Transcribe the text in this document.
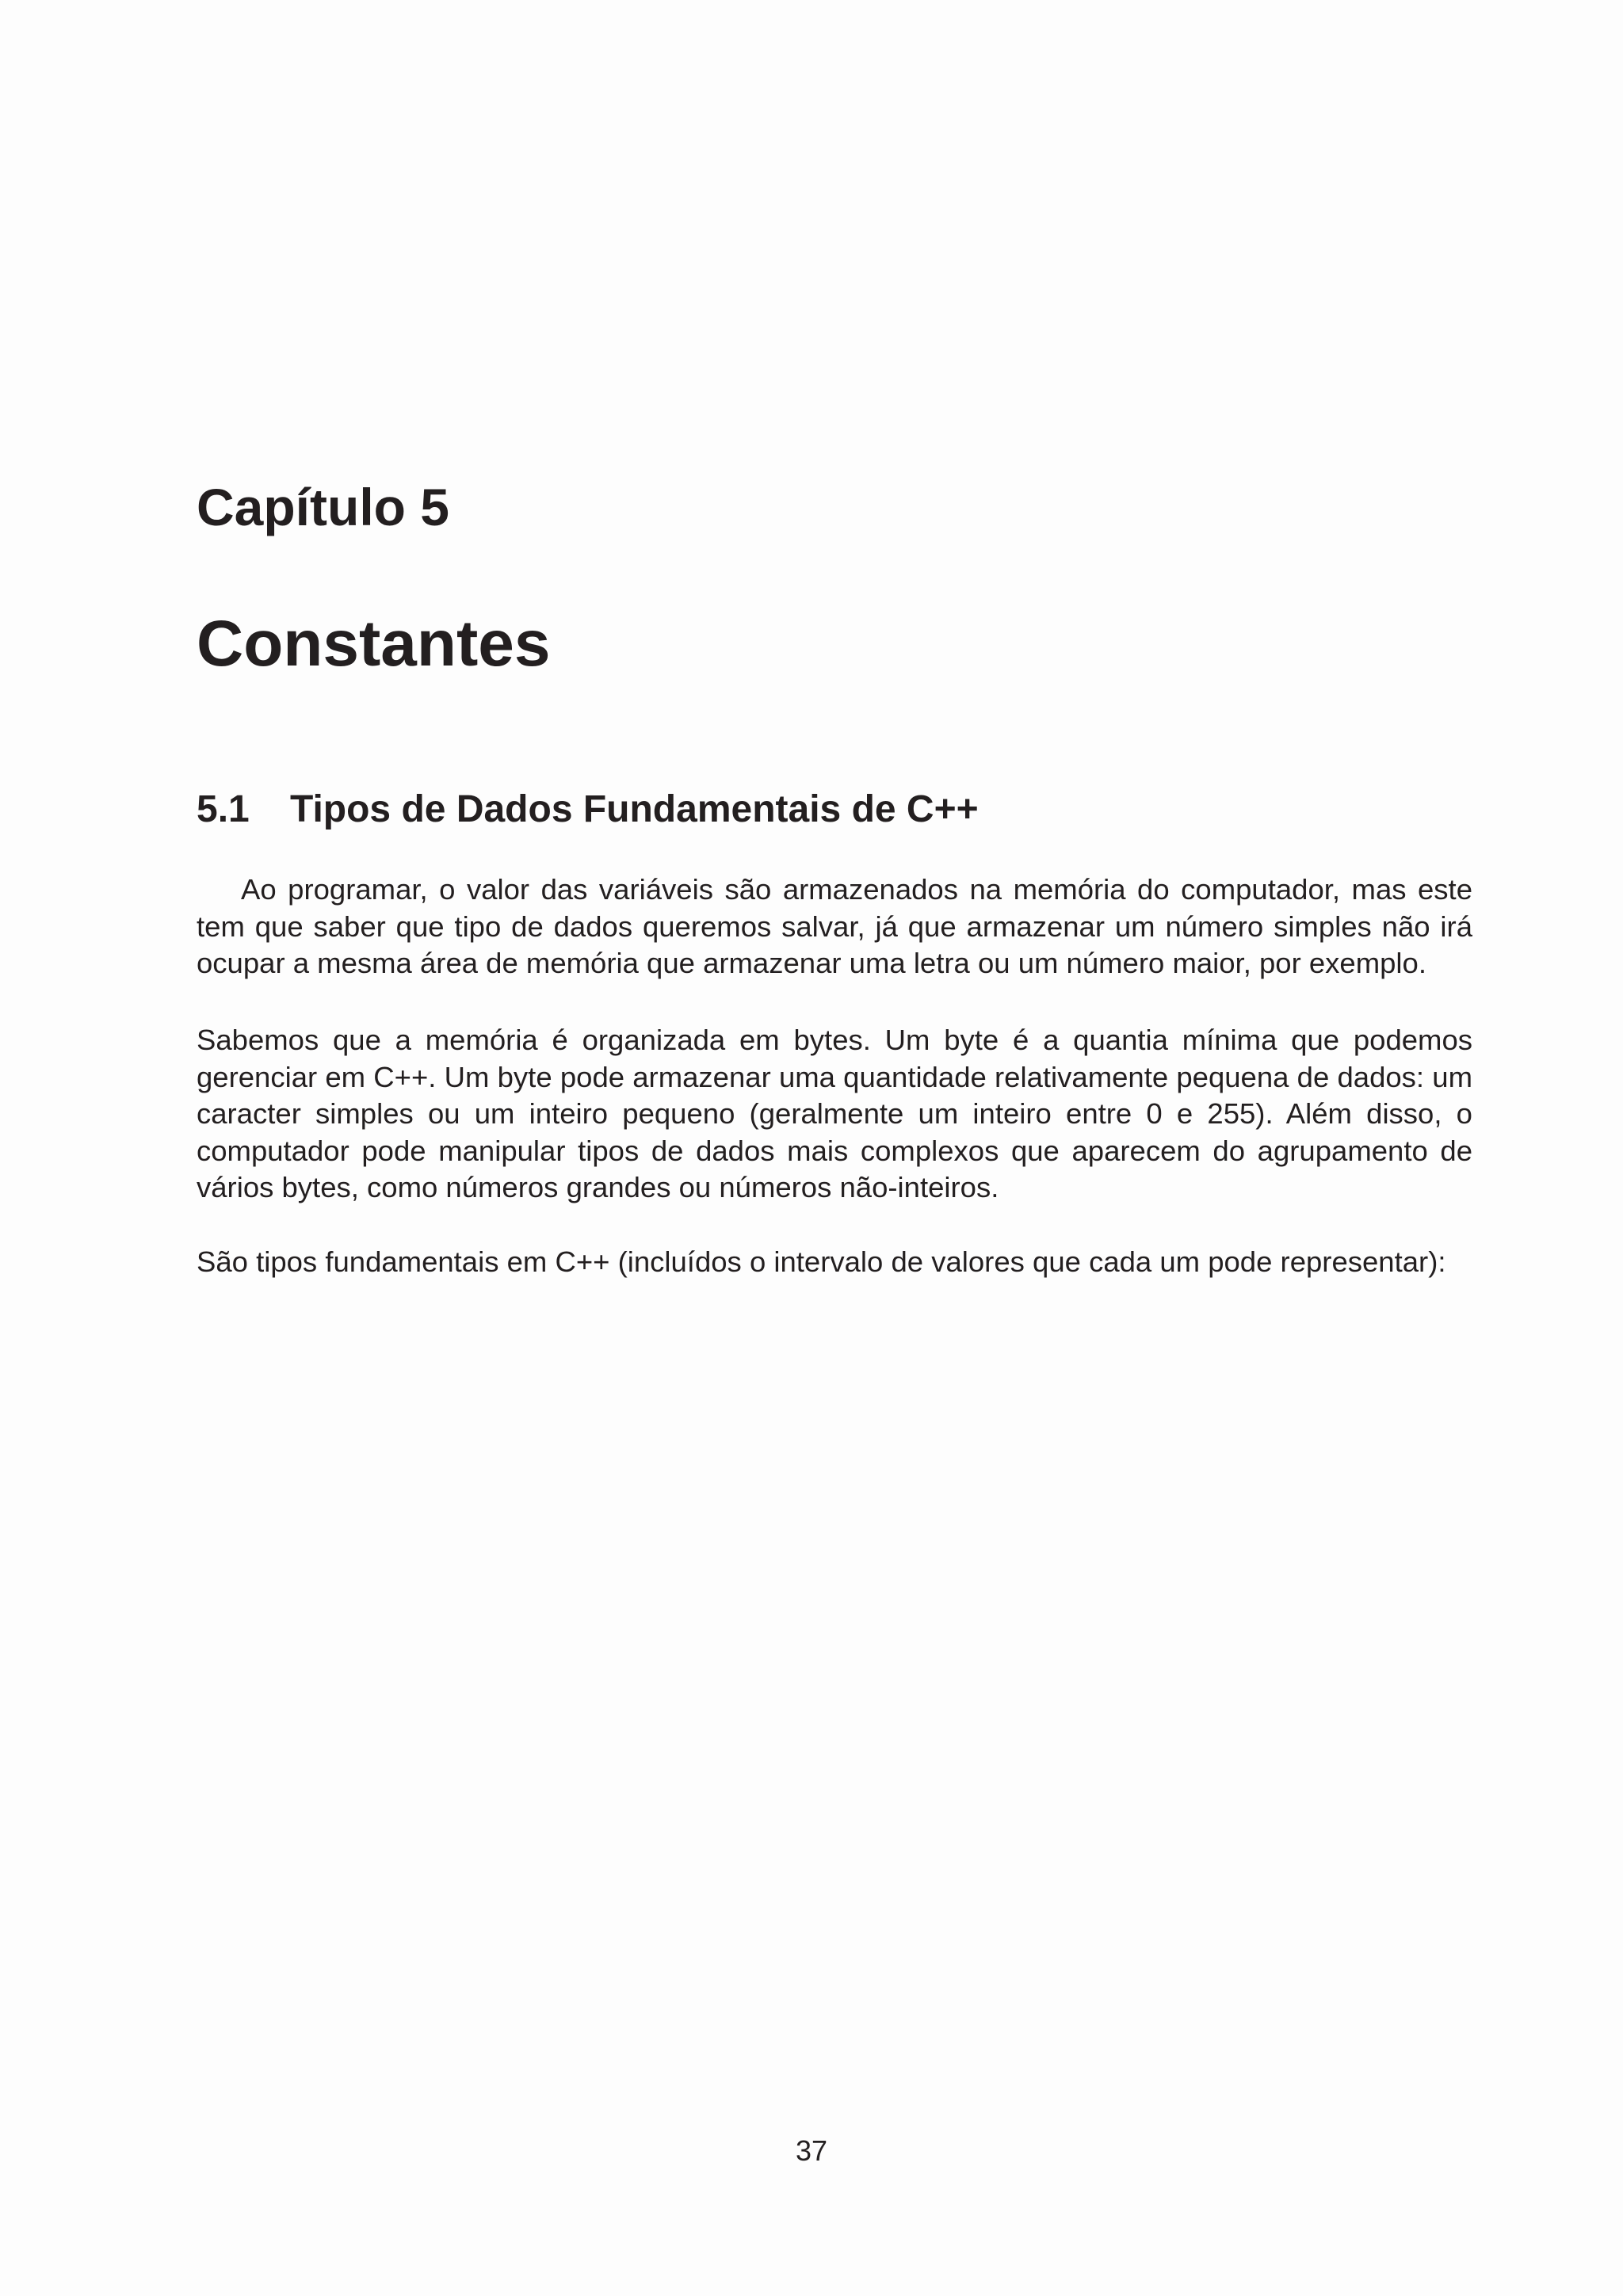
Capítulo 5
Constantes
5.1 Tipos de Dados Fundamentais de C++

Ao programar, o valor das variáveis são armazenados na memória do computador, mas este tem que saber que tipo de dados queremos salvar, já que armazenar um número simples não irá ocupar a mesma área de memória que armazenar uma letra ou um número maior, por exemplo.

Sabemos que a memória é organizada em bytes. Um byte é a quantia mínima que podemos gerenciar em C++. Um byte pode armazenar uma quantidade relativamente pequena de dados: um caracter simples ou um inteiro pequeno (geralmente um inteiro entre 0 e 255). Além disso, o computador pode manipular tipos de dados mais complexos que aparecem do agrupamento de vários bytes, como números grandes ou números não-inteiros.

São tipos fundamentais em C++ (incluídos o intervalo de valores que cada um pode representar):

37
